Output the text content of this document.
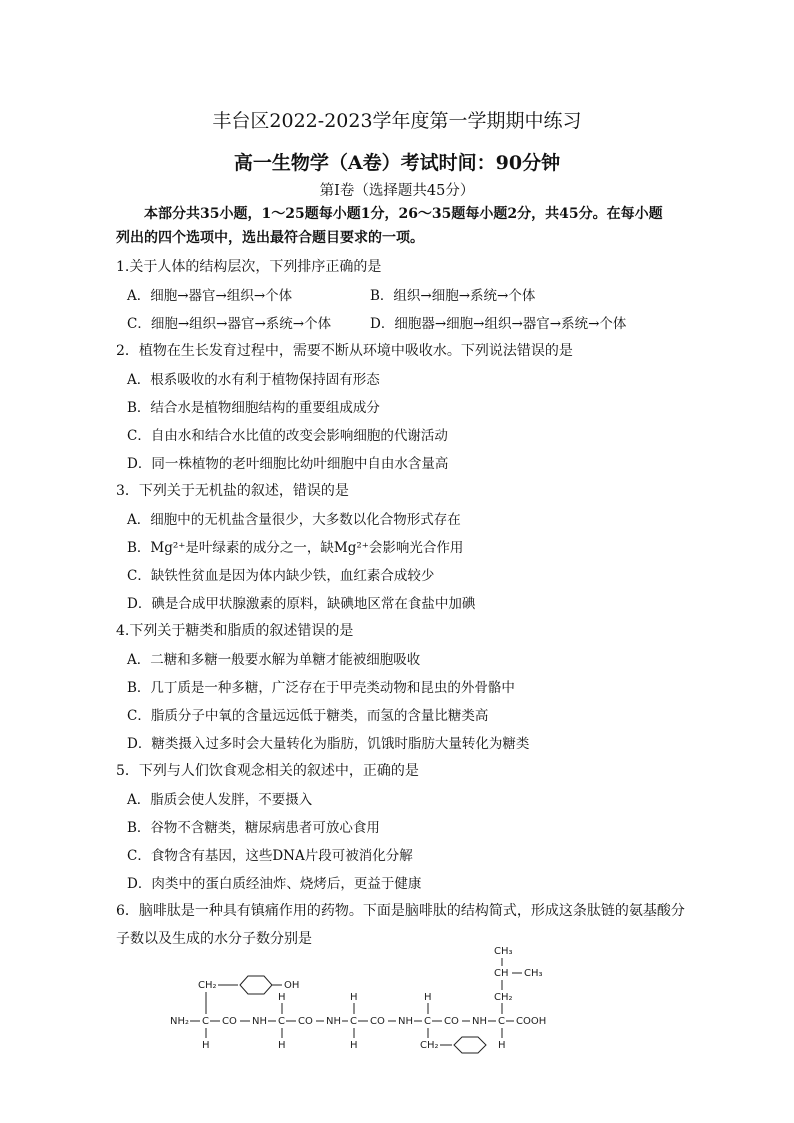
丰台区2022-2023学年度第一学期期中练习
高一生物学（A卷）考试时间：90分钟
第Ⅰ卷（选择题共45分）
本部分共35小题，1～25题每小题1分，26～35题每小题2分，共45分。在每小题列出的四个选项中，选出最符合题目要求的一项。
1.关于人体的结构层次，下列排序正确的是
A．细胞→器官→组织→个体	B．组织→细胞→系统→个体
C．细胞→组织→器官→系统→个体	D．细胞器→细胞→组织→器官→系统→个体
2．植物在生长发育过程中，需要不断从环境中吸收水。下列说法错误的是
A．根系吸收的水有利于植物保持固有形态
B．结合水是植物细胞结构的重要组成成分
C．自由水和结合水比值的改变会影响细胞的代谢活动
D．同一株植物的老叶细胞比幼叶细胞中自由水含量高
3．下列关于无机盐的叙述，错误的是
A．细胞中的无机盐含量很少，大多数以化合物形式存在
B．Mg²⁺是叶绿素的成分之一，缺Mg²⁺会影响光合作用
C．缺铁性贫血是因为体内缺少铁，血红素合成较少
D．碘是合成甲状腺激素的原料，缺碘地区常在食盐中加碘
4.下列关于糖类和脂质的叙述错误的是
A．二糖和多糖一般要水解为单糖才能被细胞吸收
B．几丁质是一种多糖，广泛存在于甲壳类动物和昆虫的外骨骼中
C．脂质分子中氧的含量远远低于糖类，而氢的含量比糖类高
D．糖类摄入过多时会大量转化为脂肪，饥饿时脂肪大量转化为糖类
5．下列与人们饮食观念相关的叙述中，正确的是
A．脂质会使人发胖，不要摄入
B．谷物不含糖类，糖尿病患者可放心食用
C．食物含有基因，这些DNA片段可被消化分解
D．肉类中的蛋白质经油炸、烧烤后，更益于健康
6．脑啡肽是一种具有镇痛作用的药物。下面是脑啡肽的结构简式，形成这条肽链的氨基酸分
子数以及生成的水分子数分别是
NH₂ C CO NH C CO NH C CO NH C CO NH C COOH
CH₂	OH
H	H	H	CH₂
CH CH₃
CH₃
H	H	H	CH₂	H
